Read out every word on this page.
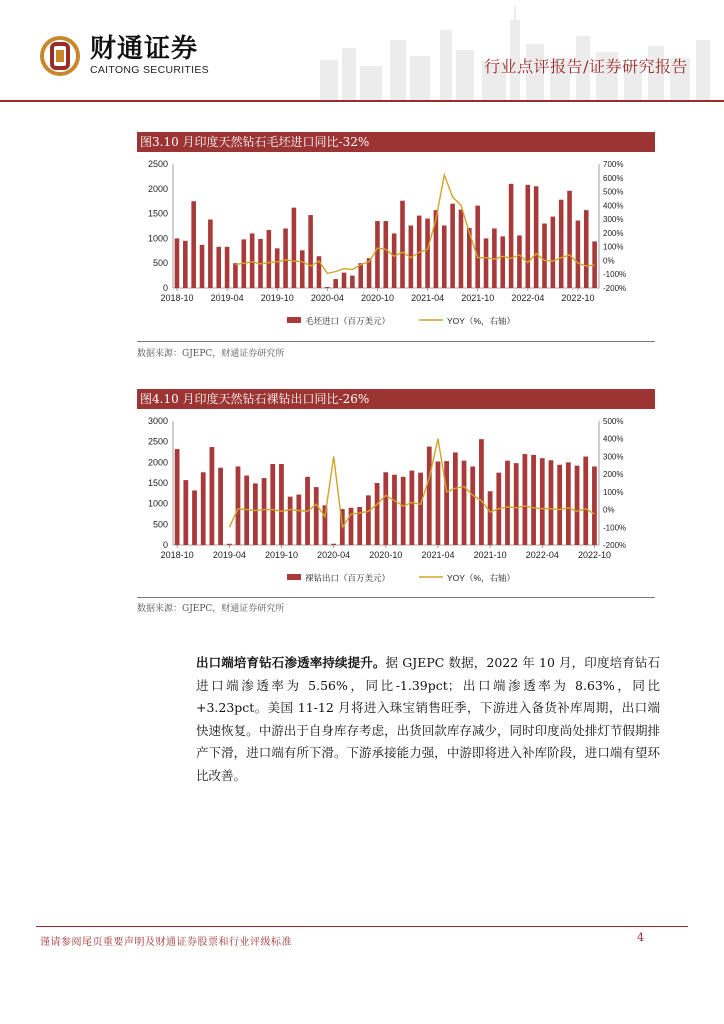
财通证券
CAITONG SECURITIES	行业点评报告/证券研究报告
图3.10 月印度天然钻石毛坯进口同比-32%
0
500
1000
1500
2000
2500
-200%
-100%
0%
100%
200%
300%
400%
500%
600%
700%
2018-10 2019-04 2019-10 2020-04 2020-10 2021-04 2021-10 2022-04 2022-10
毛坯进口（百万美元）	YOY（%，右轴）
数据来源：GJEPC，财通证券研究所
图4.10 月印度天然钻石裸钻出口同比-26%
0
500
1000
1500
2000
2500
3000
-200%
-100%
0%
100%
200%
300%
400%
500%
2018-10 2019-04 2019-10 2020-04 2020-10 2021-04 2021-10 2022-04 2022-10
裸钻出口（百万美元）	YOY（%，右轴）
数据来源：GJEPC，财通证券研究所
出口端培育钻石渗透率持续提升。据 GJEPC 数据，2022 年 10 月，印度培育钻石进口端渗透率为 5.56%，同比-1.39pct；出口端渗透率为 8.63%，同比+3.23pct。美国 11-12 月将进入珠宝销售旺季，下游进入备货补库周期，出口端快速恢复。中游出于自身库存考虑，出货回款库存减少，同时印度尚处排灯节假期排产下滑，进口端有所下滑。下游承接能力强，中游即将进入补库阶段，进口端有望环比改善。
谨请参阅尾页重要声明及财通证券股票和行业评级标准	4
